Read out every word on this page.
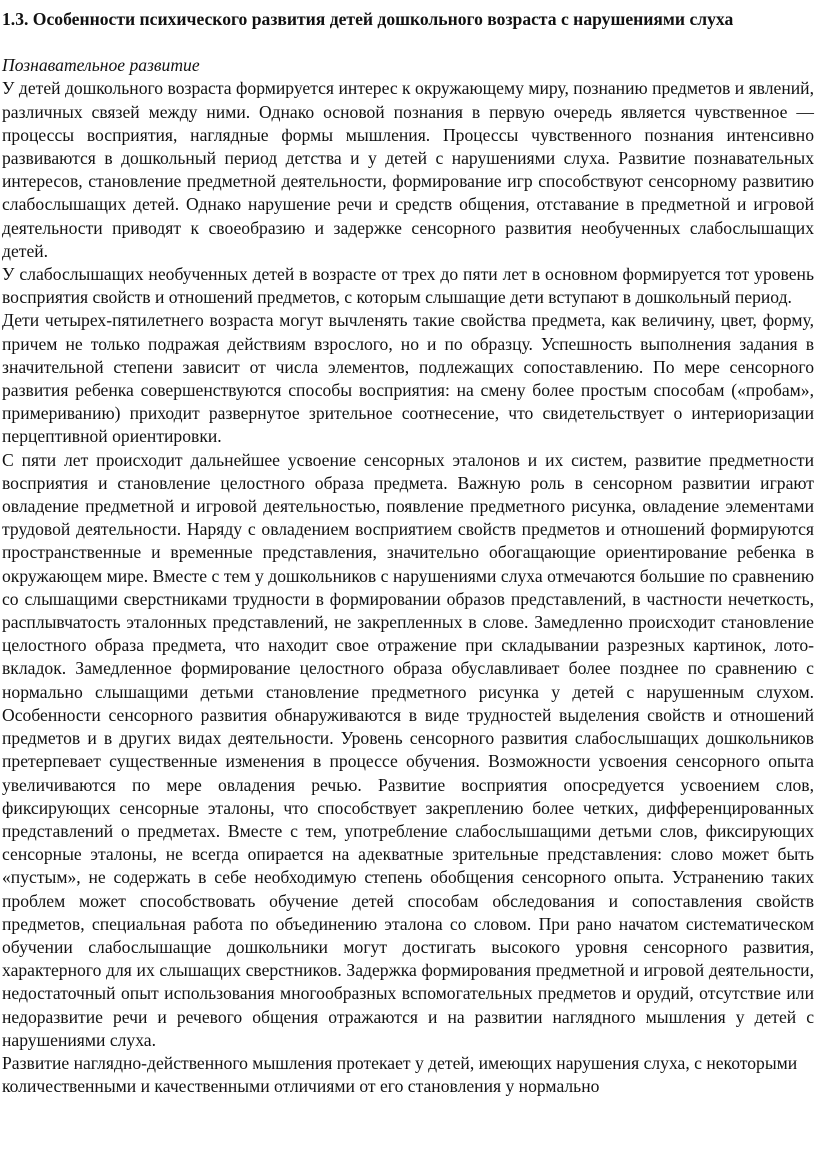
1.3. Особенности психического развития детей дошкольного возраста с нарушениями слуха
Познавательное развитие

У детей дошкольного возраста формируется интерес к окружающему миру, познанию предметов и явлений, различных связей между ними. Однако основой познания в первую очередь является чувственное — процессы восприятия, наглядные формы мышления. Процессы чувственного познания интенсивно развиваются в дошкольный период детства и у детей с нарушениями слуха. Развитие познавательных интересов, становление предметной деятельности, формирование игр способствуют сенсорному развитию слабослышащих детей. Однако нарушение речи и средств общения, отставание в предметной и игровой деятельности приводят к своеобразию и задержке сенсорного развития необученных слабослышащих детей.

У слабослышащих необученных детей в возрасте от трех до пяти лет в основном формируется тот уровень восприятия свойств и отношений предметов, с которым слышащие дети вступают в дошкольный период.

Дети четырех-пятилетнего возраста могут вычленять такие свойства предмета, как величину, цвет, форму, причем не только подражая действиям взрослого, но и по образцу. Успешность выполнения задания в значительной степени зависит от числа элементов, подлежащих сопоставлению. По мере сенсорного развития ребенка совершенствуются способы восприятия: на смену более простым способам («пробам», примериванию) приходит развернутое зрительное соотнесение, что свидетельствует о интериоризации перцептивной ориентировки.

С пяти лет происходит дальнейшее усвоение сенсорных эталонов и их систем, развитие предметности восприятия и становление целостного образа предмета. Важную роль в сенсорном развитии играют овладение предметной и игровой деятельностью, появление предметного рисунка, овладение элементами трудовой деятельности. Наряду с овладением восприятием свойств предметов и отношений формируются пространственные и временные представления, значительно обогащающие ориентирование ребенка в окружающем мире. Вместе с тем у дошкольников с нарушениями слуха отмечаются большие по сравнению со слышащими сверстниками трудности в формировании образов представлений, в частности нечеткость, расплывчатость эталонных представлений, не закрепленных в слове. Замедленно происходит становление целостного образа предмета, что находит свое отражение при складывании разрезных картинок, лото-вкладок. Замедленное формирование целостного образа обуславливает более позднее по сравнению с нормально слышащими детьми становление предметного рисунка у детей с нарушенным слухом. Особенности сенсорного развития обнаруживаются в виде трудностей выделения свойств и отношений предметов и в других видах деятельности. Уровень сенсорного развития слабослышащих дошкольников претерпевает существенные изменения в процессе обучения. Возможности усвоения сенсорного опыта увеличиваются по мере овладения речью. Развитие восприятия опосредуется усвоением слов, фиксирующих сенсорные эталоны, что способствует закреплению более четких, дифференцированных представлений о предметах. Вместе с тем, употребление слабослышащими детьми слов, фиксирующих сенсорные эталоны, не всегда опирается на адекватные зрительные представления: слово может быть «пустым», не содержать в себе необходимую степень обобщения сенсорного опыта. Устранению таких проблем может способствовать обучение детей способам обследования и сопоставления свойств предметов, специальная работа по объединению эталона со словом. При рано начатом систематическом обучении слабослышащие дошкольники могут достигать высокого уровня сенсорного развития, характерного для их слышащих сверстников. Задержка формирования предметной и игровой деятельности, недостаточный опыт использования многообразных вспомогательных предметов и орудий, отсутствие или недоразвитие речи и речевого общения отражаются и на развитии наглядного мышления у детей с нарушениями слуха.

Развитие наглядно-действенного мышления протекает у детей, имеющих нарушения слуха, с некоторыми количественными и качественными отличиями от его становления у нормально
